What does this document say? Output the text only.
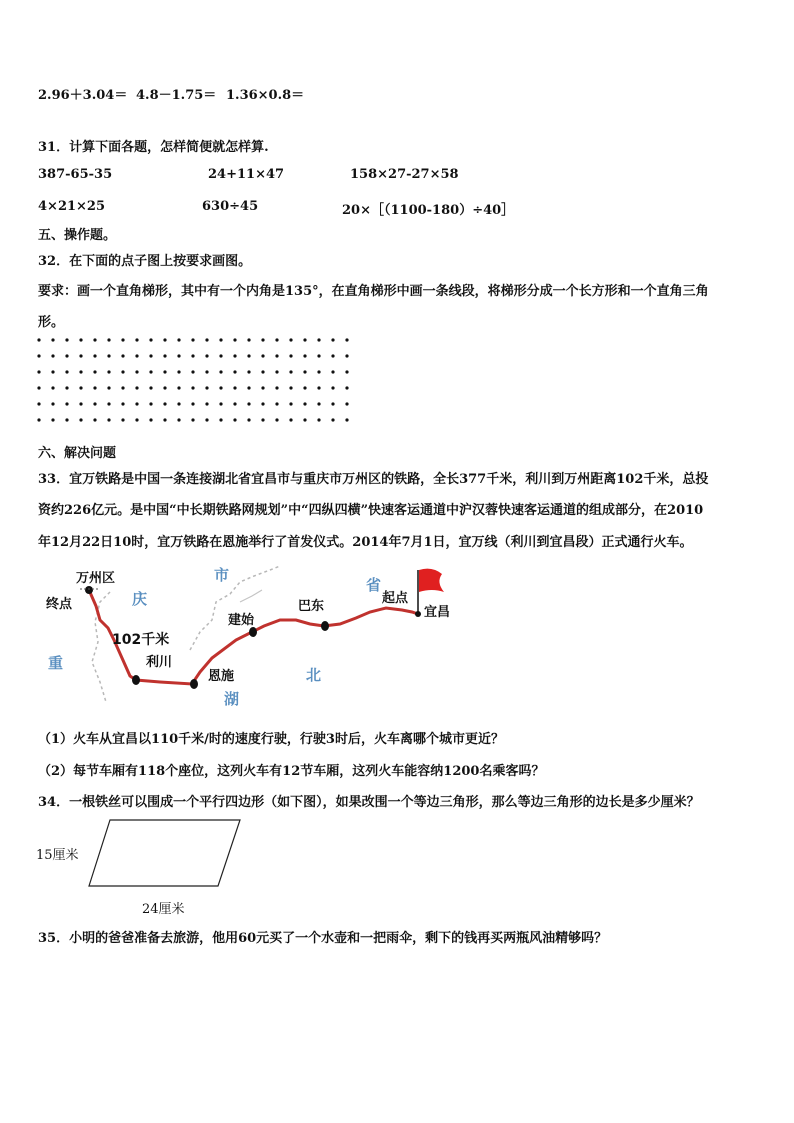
2.96＋3.04＝ 4.8－1.75＝ 1.36×0.8＝
31．计算下面各题，怎样简便就怎样算.
387-65-35	24+11×47	158×27-27×58
4×21×25	630÷45	20×［（1100-180）÷40］
五、操作题。
32．在下面的点子图上按要求画图。
要求：画一个直角梯形，其中有一个内角是135°，在直角梯形中画一条线段，将梯形分成一个长方形和一个直角三角
形。
六、解决问题
33．宜万铁路是中国一条连接湖北省宜昌市与重庆市万州区的铁路，全长377千米，利川到万州距离102千米，总投
资约226亿元。是中国“中长期铁路网规划”中“四纵四横”快速客运通道中沪汉蓉快速客运通道的组成部分，在2010
年12月22日10时，宜万铁路在恩施举行了首发仪式。2014年7月1日，宜万线（利川到宜昌段）正式通行火车。
万州区
终点	庆
市
省
起点
宜昌
巴东
建始
102千米
利川
恩施	北
湖
重
（1）火车从宜昌以110千米/时的速度行驶，行驶3时后，火车离哪个城市更近？
（2）每节车厢有118个座位，这列火车有12节车厢，这列火车能容纳1200名乘客吗？
34．一根铁丝可以围成一个平行四边形（如下图），如果改围一个等边三角形，那么等边三角形的边长是多少厘米？
15厘米
24厘米
35．小明的爸爸准备去旅游，他用60元买了一个水壶和一把雨伞，剩下的钱再买两瓶风油精够吗？
